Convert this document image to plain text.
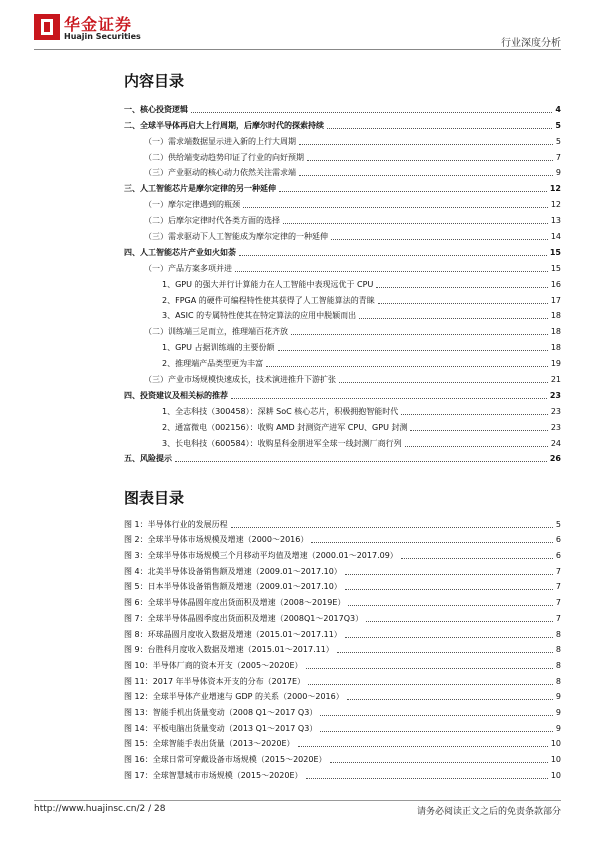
华金证券
Huajin Securities
行业深度分析
内容目录
一、核心投资逻辑	4
二、全球半导体再启大上行周期，后摩尔时代的探索持续	5
（一）需求端数据显示进入新的上行大周期	5
（二）供给端变动趋势印证了行业的向好预期	7
（三）产业驱动的核心动力依然关注需求端	9
三、人工智能芯片是摩尔定律的另一种延伸	12
（一）摩尔定律遇到的瓶颈	12
（二）后摩尔定律时代各类方面的选择	13
（三）需求驱动下人工智能成为摩尔定律的一种延伸	14
四、人工智能芯片产业如火如荼	15
（一）产品方案多项并进	15
1、GPU 的强大并行计算能力在人工智能中表现远优于 CPU	16
2、FPGA 的硬件可编程特性使其获得了人工智能算法的青睐	17
3、ASIC 的专属特性使其在特定算法的应用中脱颖而出	18
（二）训练端三足而立，推理端百花齐放	18
1、GPU 占据训练端的主要份额	18
2、推理端产品类型更为丰富	19
（三）产业市场规模快速成长，技术演进推升下游扩张	21
四、投资建议及相关标的推荐	23
1、全志科技（300458）：深耕 SoC 核心芯片，积极拥抱智能时代	23
2、通富微电（002156）：收购 AMD 封测资产进军 CPU、GPU 封测	23
3、长电科技（600584）：收购星科金朋进军全球一线封测厂商行列	24
五、风险提示	26
图表目录
图 1：半导体行业的发展历程	5
图 2：全球半导体市场规模及增速（2000～2016）	6
图 3：全球半导体市场规模三个月移动平均值及增速（2000.01～2017.09）	6
图 4：北美半导体设备销售额及增速（2009.01～2017.10）	7
图 5：日本半导体设备销售额及增速（2009.01～2017.10）	7
图 6：全球半导体晶圆年度出货面积及增速（2008～2019E）	7
图 7：全球半导体晶圆季度出货面积及增速（2008Q1～2017Q3）	7
图 8：环球晶圆月度收入数据及增速（2015.01～2017.11）	8
图 9：台胜科月度收入数据及增速（2015.01～2017.11）	8
图 10：半导体厂商的资本开支（2005～2020E）	8
图 11：2017 年半导体资本开支的分布（2017E）	8
图 12：全球半导体产业增速与 GDP 的关系（2000～2016）	9
图 13：智能手机出货量变动（2008 Q1～2017 Q3）	9
图 14：平板电脑出货量变动（2013 Q1～2017 Q3）	9
图 15：全球智能手表出货量（2013～2020E）	10
图 16：全球日常可穿戴设备市场规模（2015～2020E）	10
图 17：全球智慧城市市场规模（2015～2020E）	10
http://www.huajinsc.cn/2 / 28	请务必阅读正文之后的免责条款部分
